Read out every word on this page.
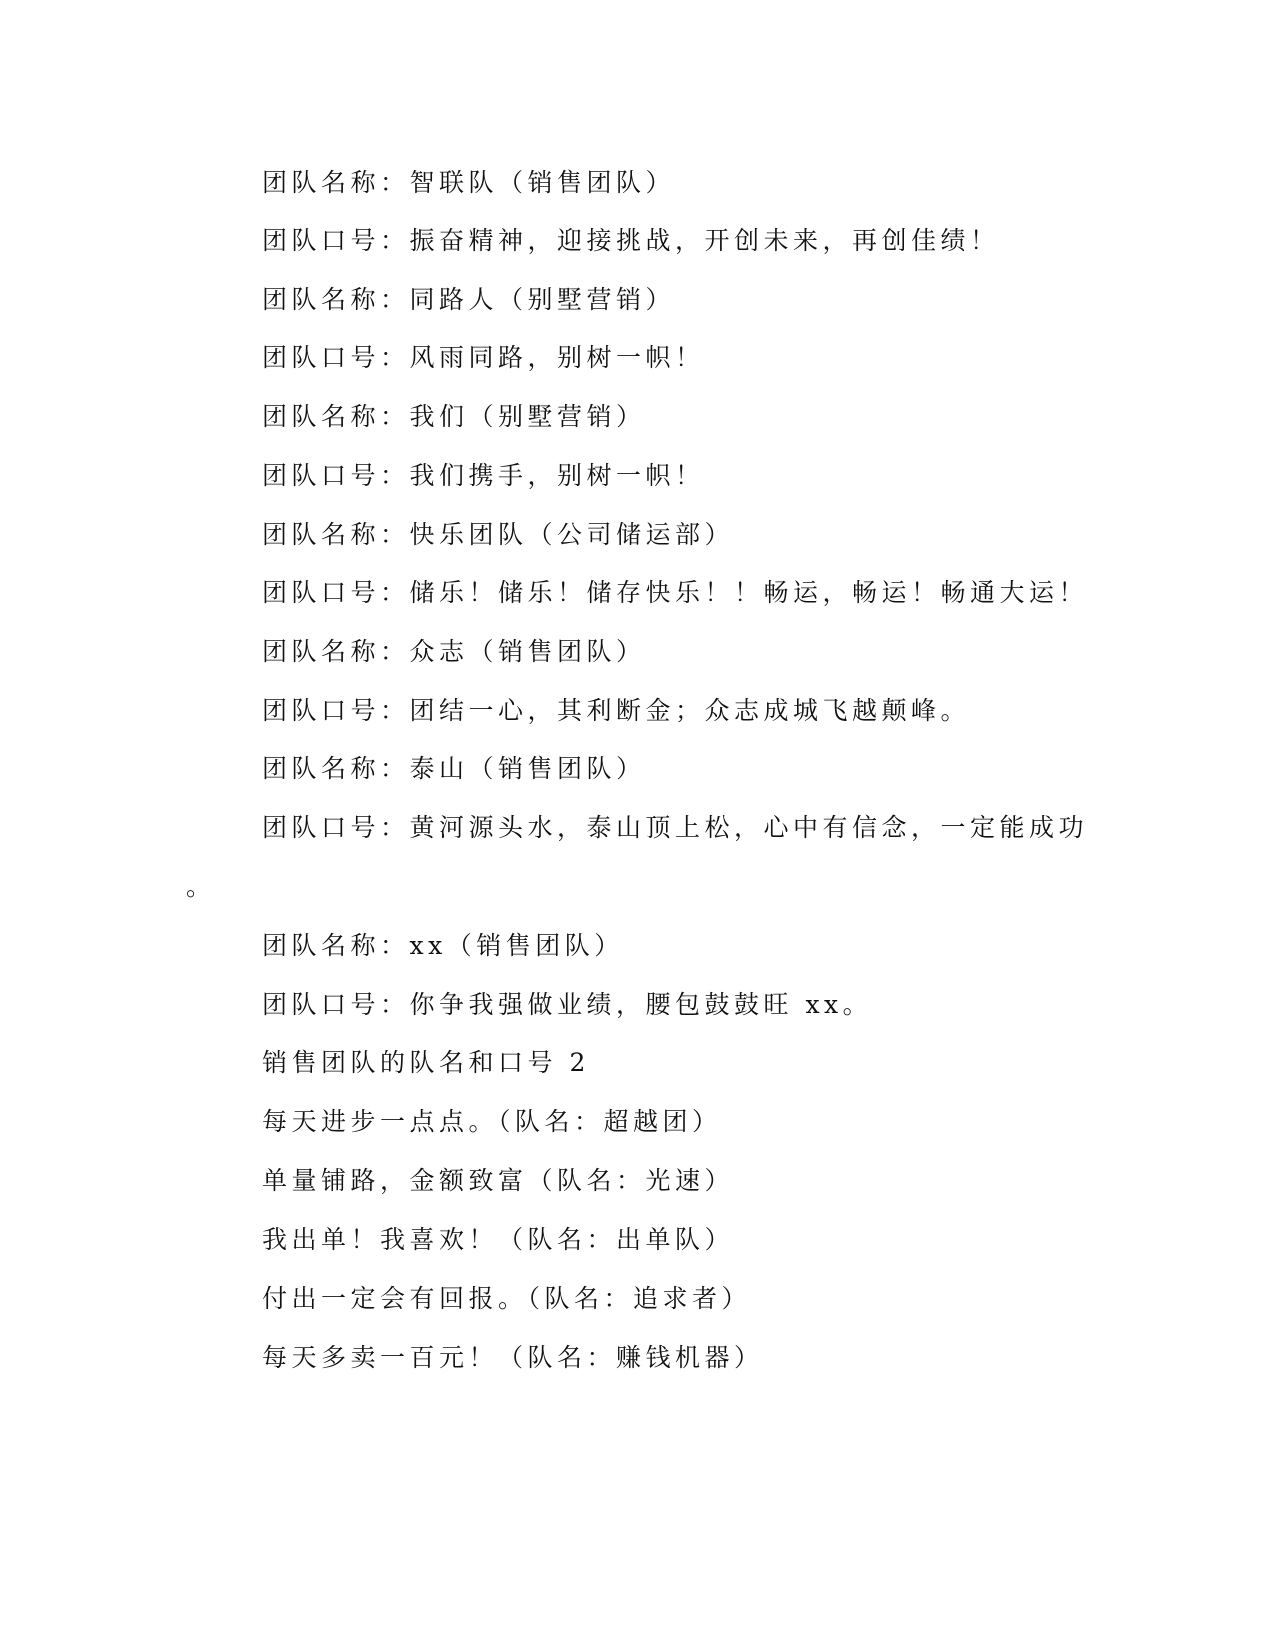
团队名称：智联队（销售团队）
团队口号：振奋精神，迎接挑战，开创未来，再创佳绩！
团队名称：同路人（别墅营销）
团队口号：风雨同路，别树一帜！
团队名称：我们（别墅营销）
团队口号：我们携手，别树一帜！
团队名称：快乐团队（公司储运部）
团队口号：储乐！储乐！储存快乐！！畅运，畅运！畅通大运！
团队名称：众志（销售团队）
团队口号：团结一心，其利断金；众志成城飞越颠峰。
团队名称：泰山（销售团队）
团队口号：黄河源头水，泰山顶上松，心中有信念，一定能成功
。
团队名称：xx（销售团队）
团队口号：你争我强做业绩，腰包鼓鼓旺 xx。
销售团队的队名和口号 2
每天进步一点点。（队名：超越团）
单量铺路，金额致富（队名：光速）
我出单！我喜欢！（队名：出单队）
付出一定会有回报。（队名：追求者）
每天多卖一百元！（队名：赚钱机器）
